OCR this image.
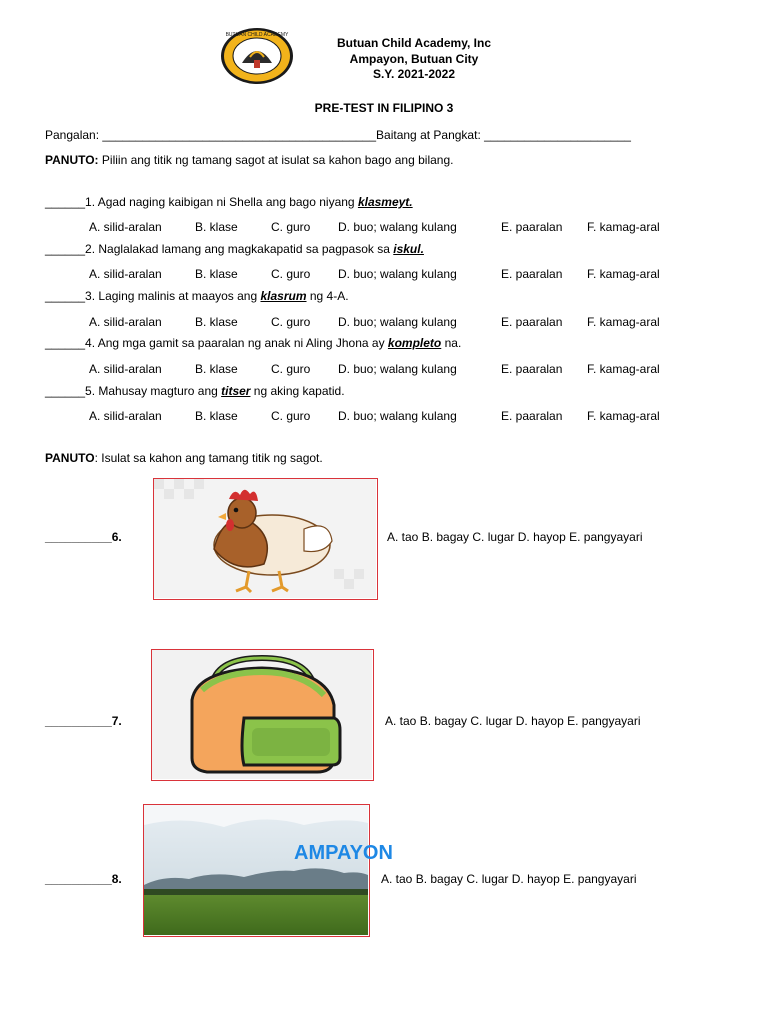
BUTUAN CHILD ACADEMY
Butuan Child Academy, Inc
Ampayon, Butuan City
S.Y. 2021-2022
PRE-TEST IN FILIPINO 3
Pangalan: _________________________________________Baitang at Pangkat: ______________________
PANUTO: Piliin ang titik ng tamang sagot at isulat sa kahon bago ang bilang.
______1. Agad naging kaibigan ni Shella ang bago niyang klasmeyt.
A. silid-aralan	B. klase	C. guro D. buo; walang kulang	E. paaralan F. kamag-aral
______2. Naglalakad lamang ang magkakapatid sa pagpasok sa iskul.
A. silid-aralan	B. klase	C. guro D. buo; walang kulang	E. paaralan F. kamag-aral
______3. Laging malinis at maayos ang klasrum ng 4-A.
A. silid-aralan	B. klase	C. guro D. buo; walang kulang	E. paaralan F. kamag-aral
______4. Ang mga gamit sa paaralan ng anak ni Aling Jhona ay kompleto na.
A. silid-aralan	B. klase	C. guro D. buo; walang kulang	E. paaralan F. kamag-aral
______5. Mahusay magturo ang titser ng aking kapatid.
A. silid-aralan	B. klase	C. guro D. buo; walang kulang	E. paaralan F. kamag-aral
PANUTO: Isulat sa kahon ang tamang titik ng sagot.
__________6.	A. tao B. bagay C. lugar D. hayop E. pangyayari
__________7.	A. tao B. bagay C. lugar D. hayop E. pangyayari
__________8.
AMPAYON
A. tao B. bagay C. lugar D. hayop E. pangyayari
